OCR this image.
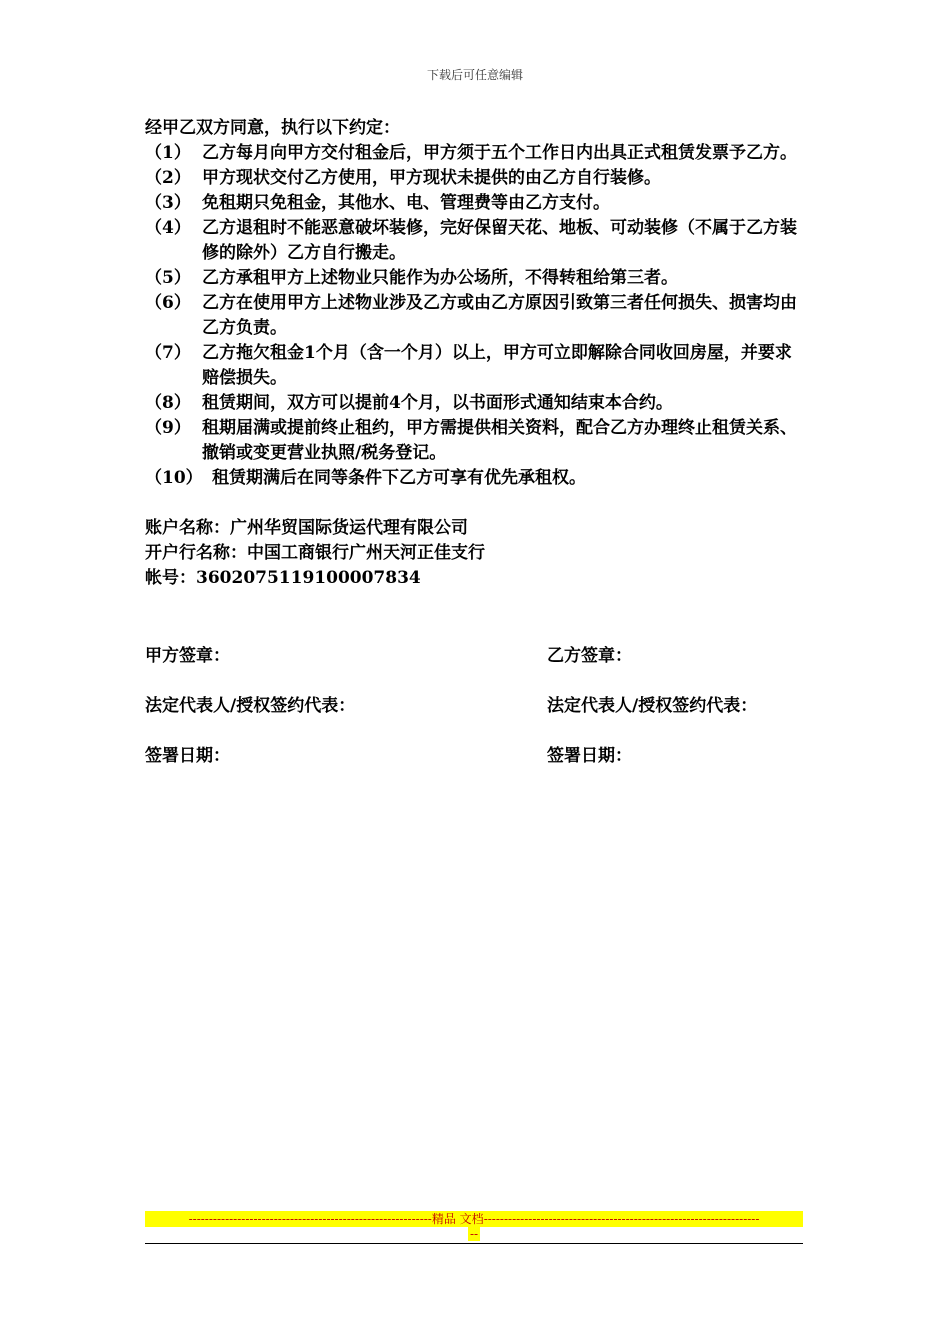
下载后可任意编辑
经甲乙双方同意，执行以下约定：
（1） 乙方每月向甲方交付租金后，甲方须于五个工作日内出具正式租赁发票予乙方。
（2） 甲方现状交付乙方使用，甲方现状未提供的由乙方自行装修。
（3） 免租期只免租金，其他水、电、管理费等由乙方支付。
（4） 乙方退租时不能恶意破坏装修，完好保留天花、地板、可动装修（不属于乙方装修的除外）乙方自行搬走。
（5） 乙方承租甲方上述物业只能作为办公场所，不得转租给第三者。
（6） 乙方在使用甲方上述物业涉及乙方或由乙方原因引致第三者任何损失、损害均由乙方负责。
（7） 乙方拖欠租金1个月（含一个月）以上，甲方可立即解除合同收回房屋，并要求赔偿损失。
（8） 租赁期间，双方可以提前4个月，以书面形式通知结束本合约。
（9） 租期届满或提前终止租约，甲方需提供相关资料，配合乙方办理终止租赁关系、撤销或变更营业执照/税务登记。
（10） 租赁期满后在同等条件下乙方可享有优先承租权。
账户名称：广州华贸国际货运代理有限公司
开户行名称：中国工商银行广州天河正佳支行
帐号：3602075119100007834
甲方签章：	乙方签章：
法定代表人/授权签约代表：	法定代表人/授权签约代表：
签署日期：	签署日期：
------------------------------------------------------------精品 文档--------------------------------------------------------------------
--
